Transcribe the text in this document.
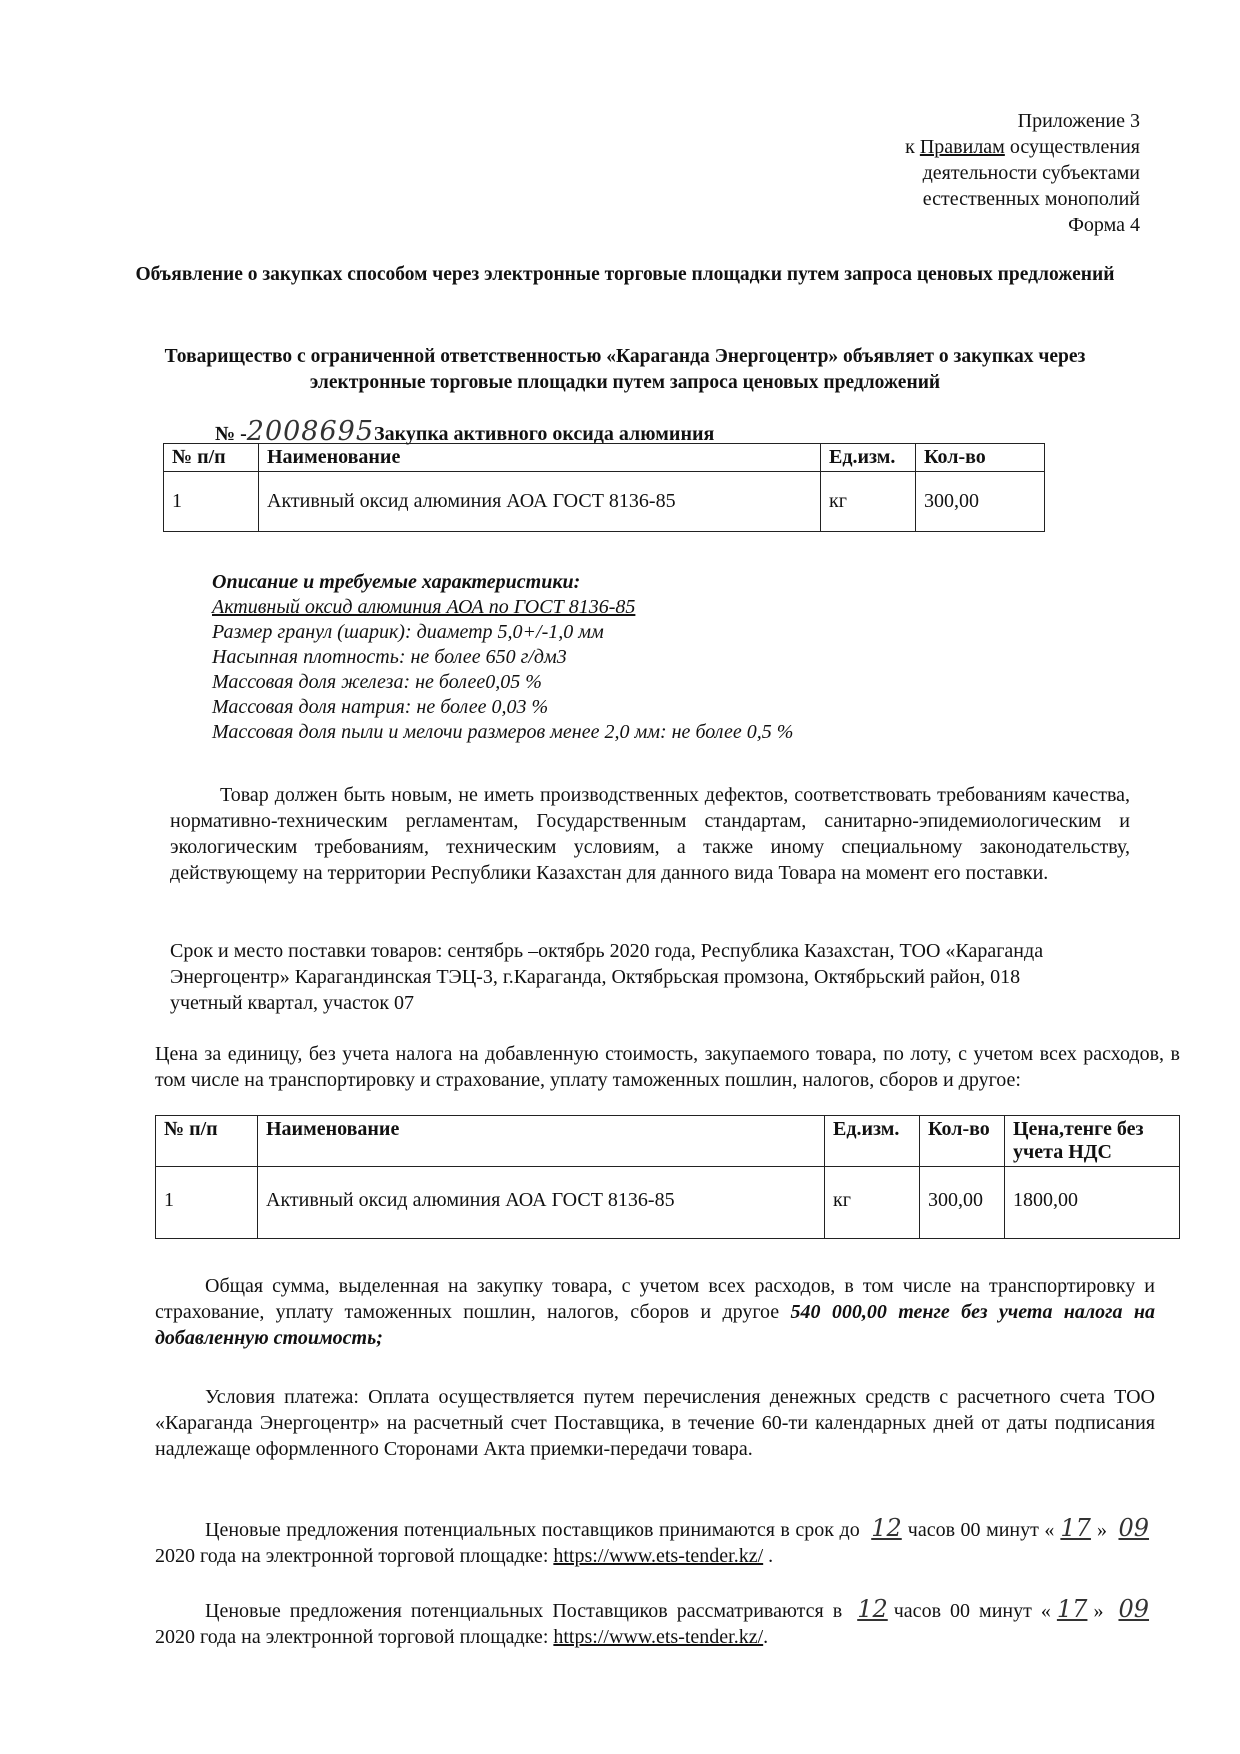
Приложение 3
к Правилам осуществления
деятельности субъектами
естественных монополий
Форма 4
Объявление о закупках способом через электронные торговые площадки путем запроса ценовых предложений
Товарищество с ограниченной ответственностью «Караганда Энергоцентр» объявляет о закупках через электронные торговые площадки путем запроса ценовых предложений
№ -2008695Закупка активного оксида алюминия
№ п/п	Наименование	Ед.изм.	Кол-во
1	Активный оксид алюминия АОА ГОСТ 8136-85	кг	300,00
Описание и требуемые характеристики:
Активный оксид алюминия АОА по ГОСТ 8136-85
Размер гранул (шарик): диаметр 5,0+/-1,0 мм
Насыпная плотность: не более 650 г/дм3
Массовая доля железа: не более0,05 %
Массовая доля натрия: не более 0,03 %
Массовая доля пыли и мелочи размеров менее 2,0 мм: не более 0,5 %
Товар должен быть новым, не иметь производственных дефектов, соответствовать требованиям качества, нормативно-техническим регламентам, Государственным стандартам, санитарно-эпидемиологическим и экологическим требованиям, техническим условиям, а также иному специальному законодательству, действующему на территории Республики Казахстан для данного вида Товара на момент его поставки.
Срок и место поставки товаров: сентябрь –октябрь 2020 года, Республика Казахстан, ТОО «Караганда Энергоцентр» Карагандинская ТЭЦ-3, г.Караганда, Октябрьская промзона, Октябрьский район, 018 учетный квартал, участок 07
Цена за единицу, без учета налога на добавленную стоимость, закупаемого товара, по лоту, с учетом всех расходов, в том числе на транспортировку и страхование, уплату таможенных пошлин, налогов, сборов и другое:
№ п/п	Наименование	Ед.изм.	Кол-во	Цена,тенге без учета НДС
1	Активный оксид алюминия АОА ГОСТ 8136-85	кг	300,00	1800,00
Общая сумма, выделенная на закупку товара, с учетом всех расходов, в том числе на транспортировку и страхование, уплату таможенных пошлин, налогов, сборов и другое 540 000,00 тенге без учета налога на добавленную стоимость;
Условия платежа: Оплата осуществляется путем перечисления денежных средств с расчетного счета ТОО «Караганда Энергоцентр» на расчетный счет Поставщика, в течение 60-ти календарных дней от даты подписания надлежаще оформленного Сторонами Акта приемки-передачи товара.
Ценовые предложения потенциальных поставщиков принимаются в срок до 12 часов 00 минут « 17 » 09 2020 года на электронной торговой площадке: https://www.ets-tender.kz/ .
Ценовые предложения потенциальных Поставщиков рассматриваются в 12 часов 00 минут « 17 » 09 2020 года на электронной торговой площадке: https://www.ets-tender.kz/.
